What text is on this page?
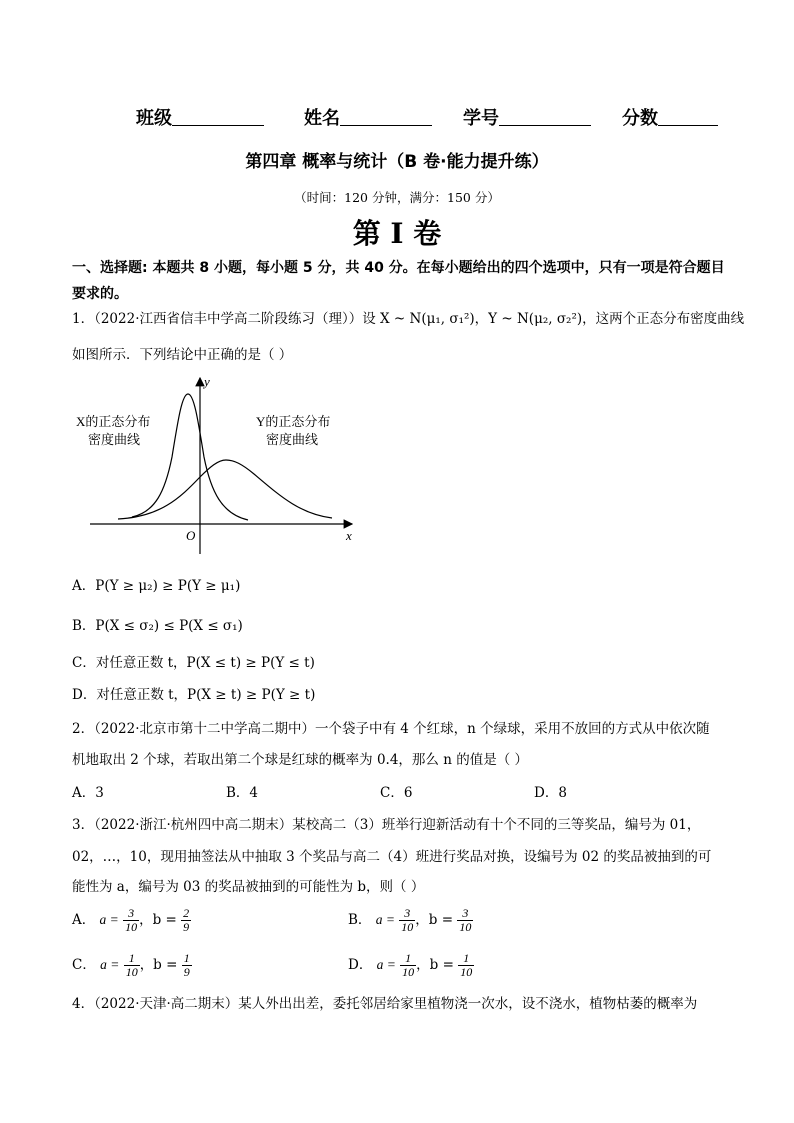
班级	姓名	学号	分数
第四章 概率与统计（B 卷·能力提升练）
（时间：120 分钟，满分：150 分）
第 I 卷
一、选择题: 本题共 8 小题，每小题 5 分，共 40 分。在每小题给出的四个选项中，只有一项是符合题目要求的。
1．（2022·江西省信丰中学高二阶段练习（理））设 X ~ N(μ₁, σ₁²)，Y ~ N(μ₂, σ₂²)，这两个正态分布密度曲线
如图所示．下列结论中正确的是（ ）
X的正态分布
密度曲线
Y的正态分布
密度曲线
O	x
y
A．P(Y ≥ μ₂) ≥ P(Y ≥ μ₁)
B．P(X ≤ σ₂) ≤ P(X ≤ σ₁)
C．对任意正数 t，P(X ≤ t) ≥ P(Y ≤ t)
D．对任意正数 t，P(X ≥ t) ≥ P(Y ≥ t)
2．（2022·北京市第十二中学高二期中）一个袋子中有 4 个红球，n 个绿球，采用不放回的方式从中依次随
机地取出 2 个球，若取出第二个球是红球的概率为 0.4，那么 n 的值是（ ）
A．3	B．4	C．6	D．8
3．（2022·浙江·杭州四中高二期末）某校高二（3）班举行迎新活动有十个不同的三等奖品，编号为 01，
02，…，10，现用抽签法从中抽取 3 个奖品与高二（4）班进行奖品对换，设编号为 02 的奖品被抽到的可
能性为 a，编号为 03 的奖品被抽到的可能性为 b，则（ ）
A． $a = \frac{3}{10}$ ，$b = \frac{2}{9}$	B． $a = \frac{3}{10}$ ，$b = \frac{3}{10}$
C． $a = \frac{1}{10}$ ，$b = \frac{1}{9}$	D． $a = \frac{1}{10}$ ，$b = \frac{1}{10}$
4．（2022·天津·高二期末）某人外出出差，委托邻居给家里植物浇一次水，设不浇水，植物枯萎的概率为
